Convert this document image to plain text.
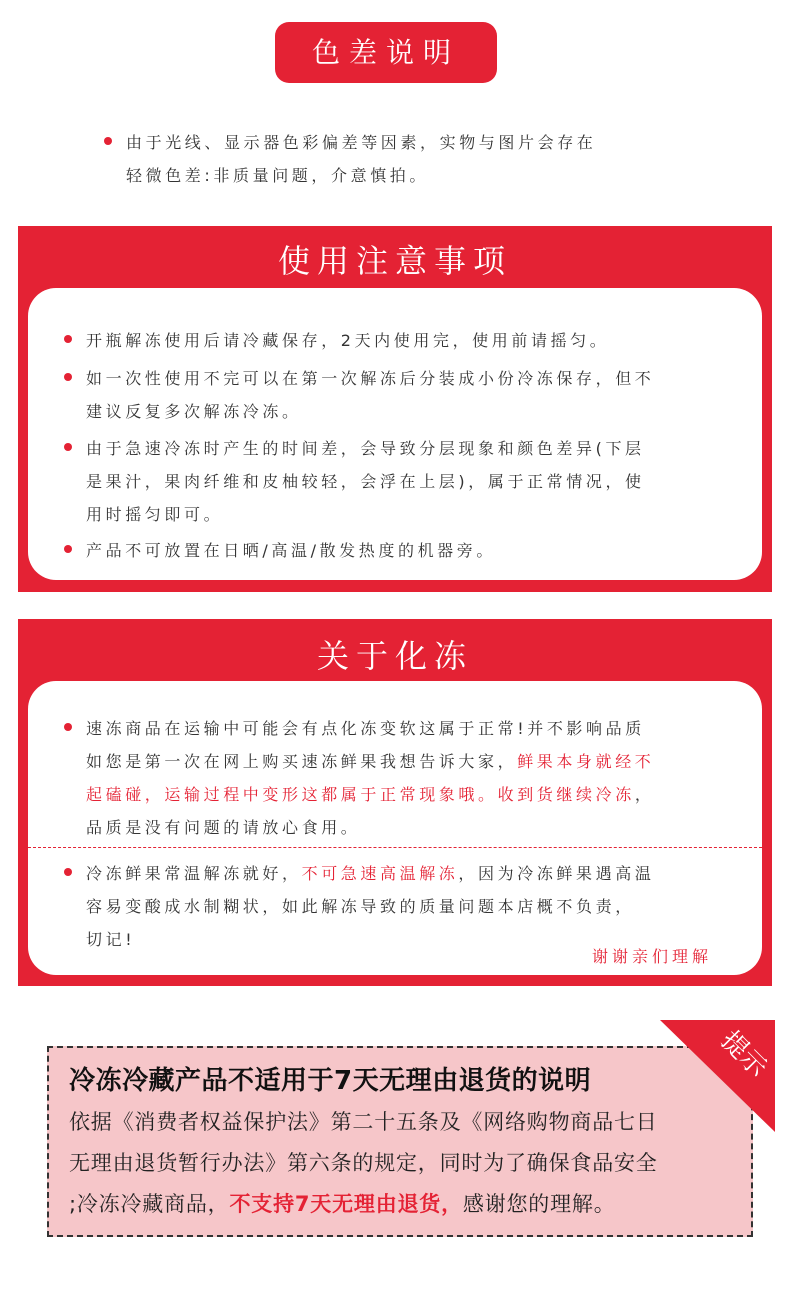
色差说明
由于光线、显示器色彩偏差等因素，实物与图片会存在
轻微色差:非质量问题，介意慎拍。
使用注意事项
开瓶解冻使用后请冷藏保存，2天内使用完，使用前请摇匀。
如一次性使用不完可以在第一次解冻后分装成小份冷冻保存，但不
建议反复多次解冻冷冻。
由于急速冷冻时产生的时间差，会导致分层现象和颜色差异(下层
是果汁，果肉纤维和皮柚较轻，会浮在上层)，属于正常情况，使
用时摇匀即可。
产品不可放置在日晒/高温/散发热度的机器旁。
关于化冻
速冻商品在运输中可能会有点化冻变软这属于正常!并不影响品质
如您是第一次在网上购买速冻鲜果我想告诉大家，鲜果本身就经不
起磕碰，运输过程中变形这都属于正常现象哦。收到货继续冷冻，
品质是没有问题的请放心食用。
冷冻鲜果常温解冻就好，不可急速高温解冻，因为冷冻鲜果遇高温
容易变酸成水制糊状，如此解冻导致的质量问题本店概不负责，
切记!
谢谢亲们理解
冷冻冷藏产品不适用于7天无理由退货的说明
依据《消费者权益保护法》第二十五条及《网络购物商品七日
无理由退货暂行办法》第六条的规定，同时为了确保食品安全
;冷冻冷藏商品，不支持7天无理由退货，感谢您的理解。
提示
